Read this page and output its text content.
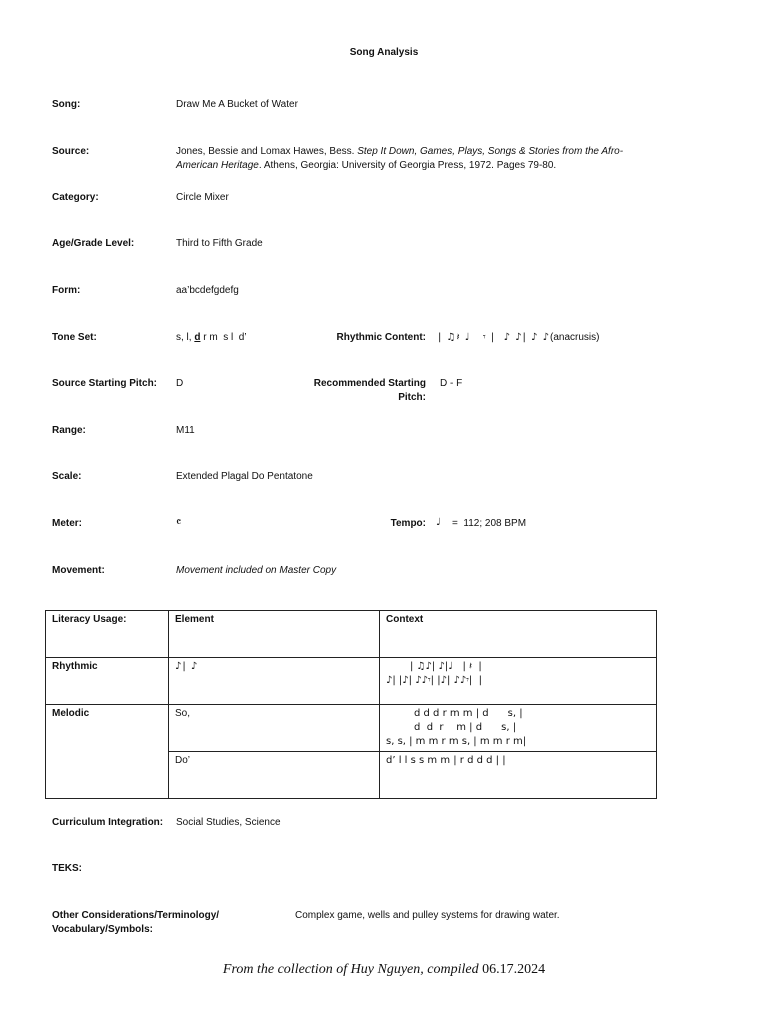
Song Analysis
Song:	Draw Me A Bucket of Water
Source:	Jones, Bessie and Lomax Hawes, Bess. Step It Down, Games, Plays, Songs & Stories from the Afro-
American Heritage. Athens, Georgia: University of Georgia Press, 1972. Pages 79-80.
Category:	Circle Mixer
Age/Grade Level:	Third to Fifth Grade
Form:	aa’bcdefgdefg
Tone Set:	s, l, d r m  s l  d’	Rhythmic Content: | ♫𝄽 ♩   𝄾 |  ♪ ♪| ♪ ♪(anacrusis)
Source Starting Pitch: D	Recommended Starting
Pitch:
D - F
Range:	M11
Scale:	Extended Plagal Do Pentatone
Meter:	𝄴	Tempo: ♩ =  112; 208 BPM
Movement:	Movement included on Master Copy
Literacy Usage:	Element	Context
Rhythmic	♪| ♪	| ♫♪| ♪|♩   | 𝄽  |
♪| |♪| ♪♪𝄾| |♪| ♪♪𝄾|  |

Melodic	So,	d d d r m m | d      s, |
d  d  r    m | d      s, |
s, s, | m m r m s, | m m r m|

	Do’	d’ l l s s m m | r d d d | |
Curriculum Integration: Social Studies, Science
TEKS:
Other Considerations/Terminology/
Vocabulary/Symbols:
Complex game, wells and pulley systems for drawing water.
From the collection of Huy Nguyen, compiled 06.17.2024
